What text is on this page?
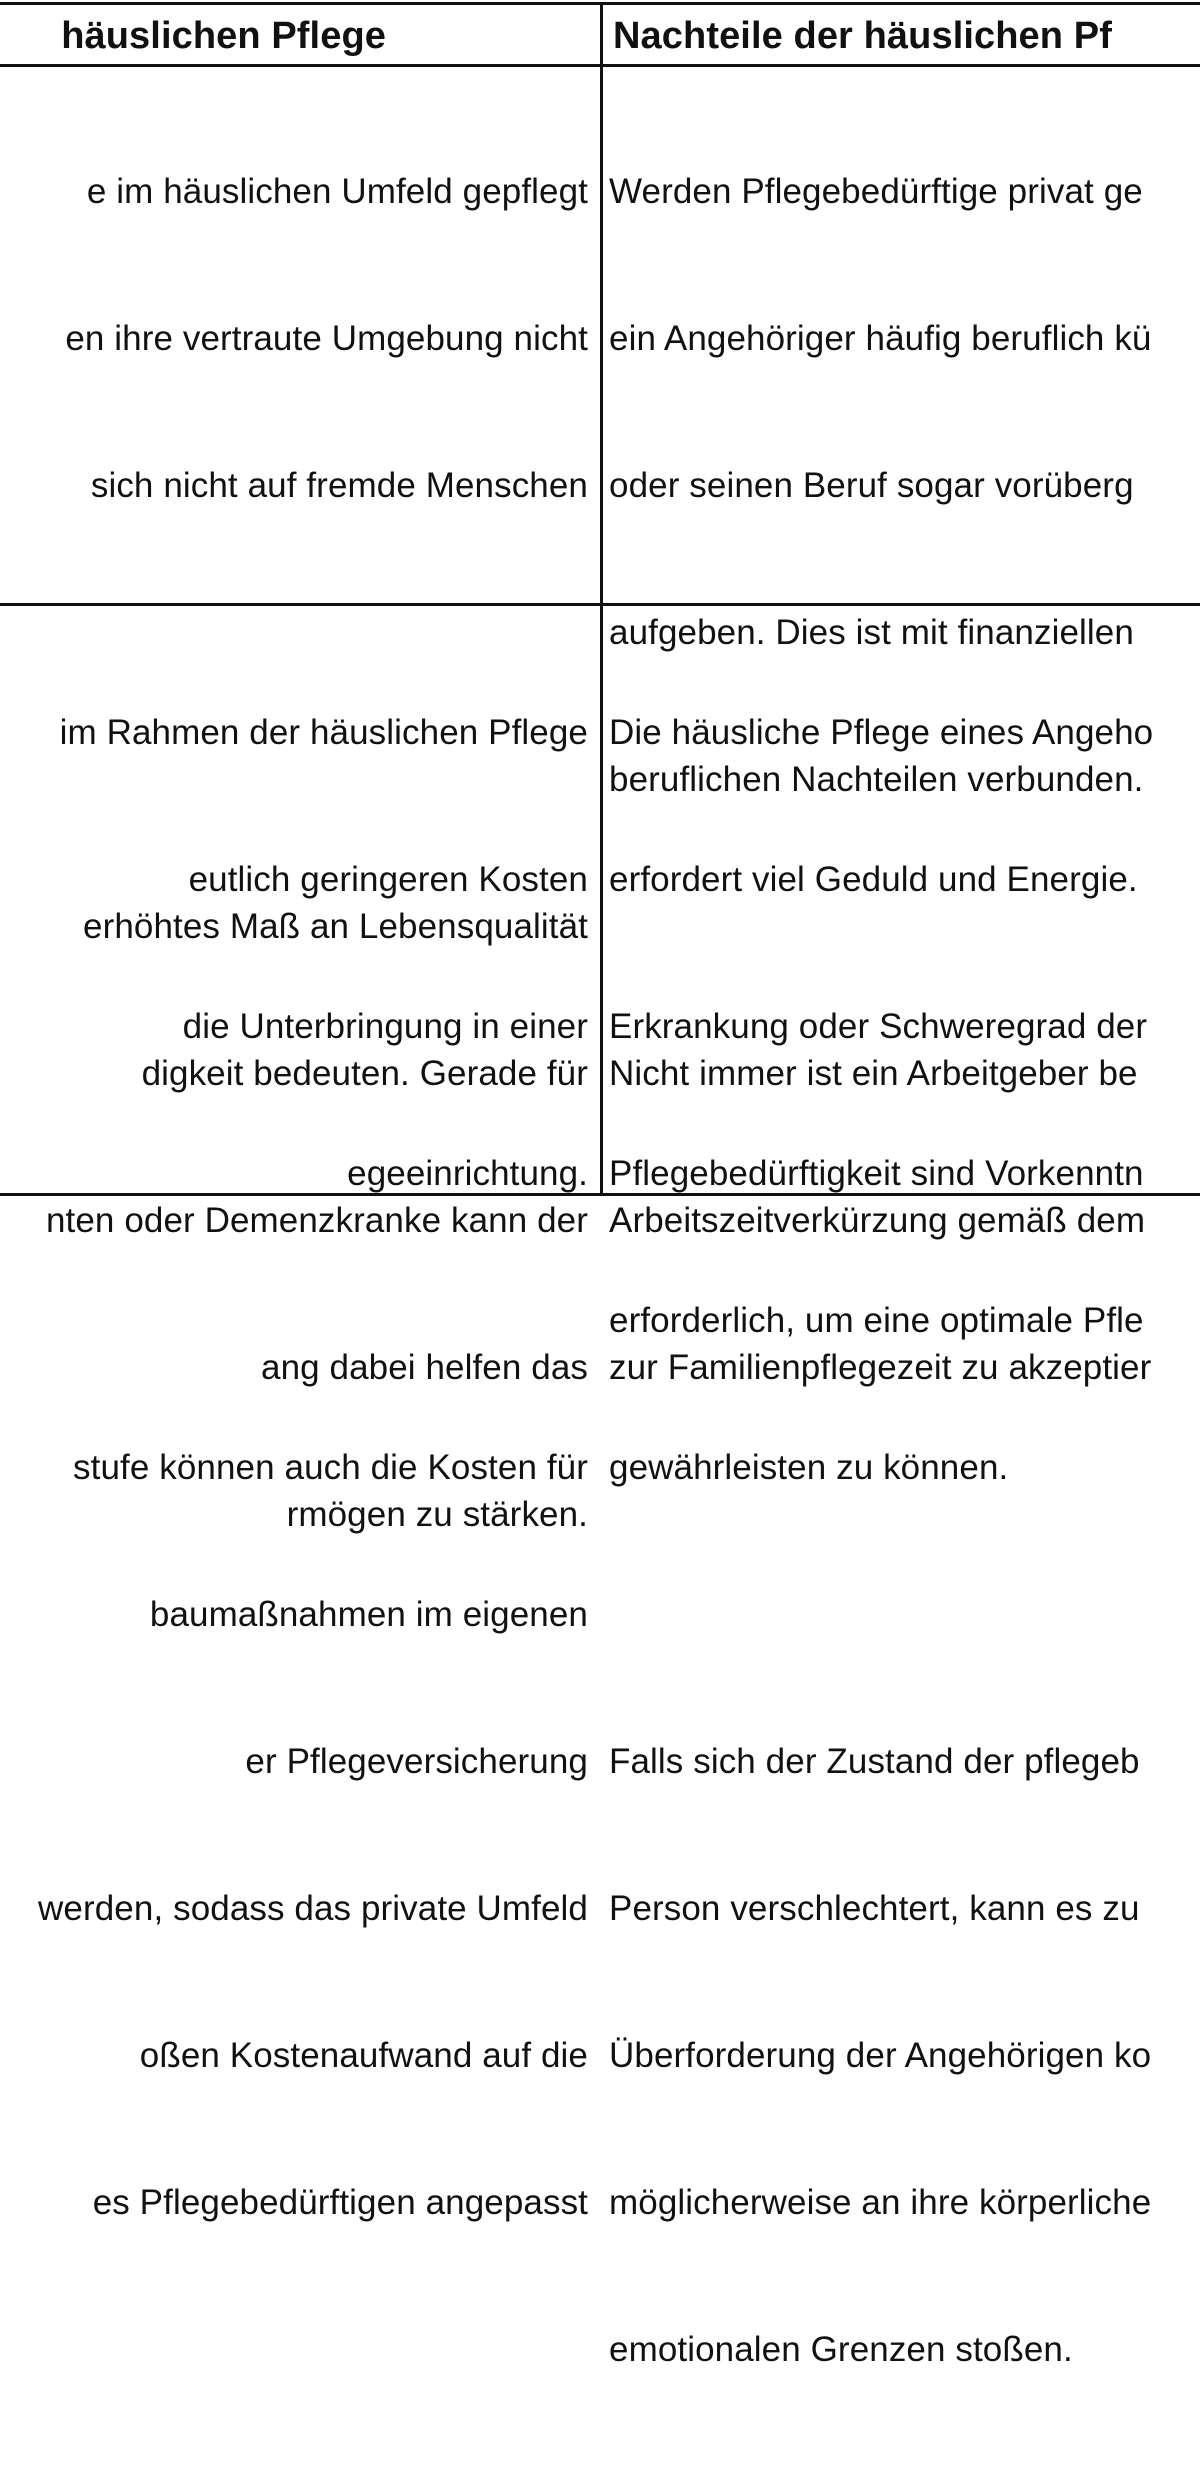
häuslichen Pflege	Nachteile der häuslichen Pf

e im häuslichen Umfeld gepflegt

en ihre vertraute Umgebung nicht

sich nicht auf fremde Menschen

erhöhtes Maß an Lebensqualität

digkeit bedeuten. Gerade für

nten oder Demenzkranke kann der

ang dabei helfen das

rmögen zu stärken.

Werden Pflegebedürftige privat ge

ein Angehöriger häufig beruflich kü

oder seinen Beruf sogar vorüberg

aufgeben. Dies ist mit finanziellen

beruflichen Nachteilen verbunden.

Nicht immer ist ein Arbeitgeber be

Arbeitszeitverkürzung gemäß dem

zur Familienpflegezeit zu akzeptier

im Rahmen der häuslichen Pflege

eutlich geringeren Kosten

die Unterbringung in einer

egeeinrichtung.

stufe können auch die Kosten für

baumaßnahmen im eigenen

er Pflegeversicherung

werden, sodass das private Umfeld

oßen Kostenaufwand auf die

es Pflegebedürftigen angepasst

Die häusliche Pflege eines Angeho

erfordert viel Geduld und Energie.

Erkrankung oder Schweregrad der

Pflegebedürftigkeit sind Vorkenntn

erforderlich, um eine optimale Pfle

gewährleisten zu können.

Falls sich der Zustand der pflegeb

Person verschlechtert, kann es zu

Überforderung der Angehörigen ko

möglicherweise an ihre körperliche

emotionalen Grenzen stoßen.
